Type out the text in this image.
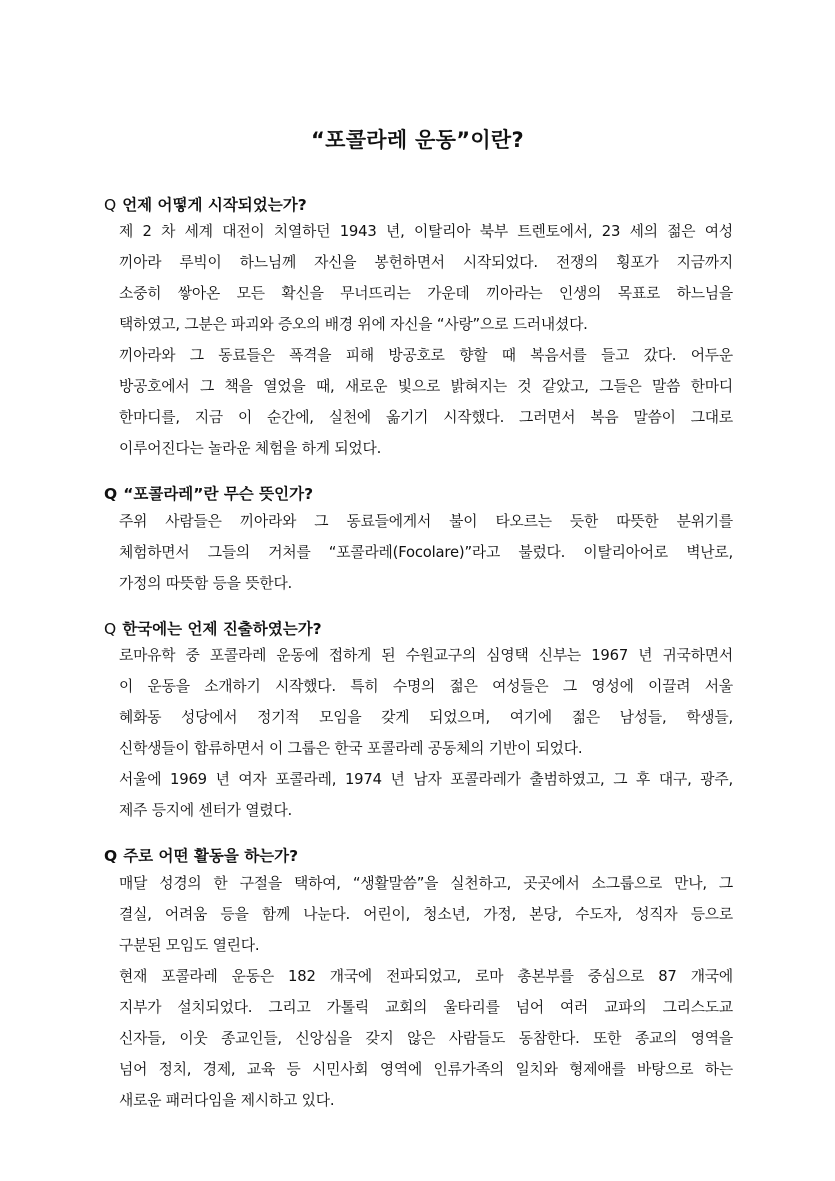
“포콜라레 운동”이란?
Q 언제 어떻게 시작되었는가?
제 2 차 세계 대전이 치열하던 1943 년, 이탈리아 북부 트렌토에서, 23 세의 젊은 여성
끼아라 루빅이 하느님께 자신을 봉헌하면서 시작되었다. 전쟁의 횡포가 지금까지
소중히 쌓아온 모든 확신을 무너뜨리는 가운데 끼아라는 인생의 목표로 하느님을
택하였고, 그분은 파괴와 증오의 배경 위에 자신을 “사랑”으로 드러내셨다.
끼아라와 그 동료들은 폭격을 피해 방공호로 향할 때 복음서를 들고 갔다. 어두운
방공호에서 그 책을 열었을 때, 새로운 빛으로 밝혀지는 것 같았고, 그들은 말씀 한마디
한마디를, 지금 이 순간에, 실천에 옮기기 시작했다. 그러면서 복음 말씀이 그대로
이루어진다는 놀라운 체험을 하게 되었다.
Q “포콜라레”란 무슨 뜻인가?
주위 사람들은 끼아라와 그 동료들에게서 불이 타오르는 듯한 따뜻한 분위기를
체험하면서 그들의 거처를 “포콜라레(Focolare)”라고 불렀다. 이탈리아어로 벽난로,
가정의 따뜻함 등을 뜻한다.
Q 한국에는 언제 진출하였는가?
로마유학 중 포콜라레 운동에 접하게 된 수원교구의 심영택 신부는 1967 년 귀국하면서
이 운동을 소개하기 시작했다. 특히 수명의 젊은 여성들은 그 영성에 이끌려 서울
혜화동 성당에서 정기적 모임을 갖게 되었으며, 여기에 젊은 남성들, 학생들,
신학생들이 합류하면서 이 그룹은 한국 포콜라레 공동체의 기반이 되었다.
서울에 1969 년 여자 포콜라레, 1974 년 남자 포콜라레가 출범하였고, 그 후 대구, 광주,
제주 등지에 센터가 열렸다.
Q 주로 어떤 활동을 하는가?
매달 성경의 한 구절을 택하여, “생활말씀”을 실천하고, 곳곳에서 소그룹으로 만나, 그
결실, 어려움 등을 함께 나눈다. 어린이, 청소년, 가정, 본당, 수도자, 성직자 등으로
구분된 모임도 열린다.
현재 포콜라레 운동은 182 개국에 전파되었고, 로마 총본부를 중심으로 87 개국에
지부가 설치되었다. 그리고 가톨릭 교회의 울타리를 넘어 여러 교파의 그리스도교
신자들, 이웃 종교인들, 신앙심을 갖지 않은 사람들도 동참한다. 또한 종교의 영역을
넘어 정치, 경제, 교육 등 시민사회 영역에 인류가족의 일치와 형제애를 바탕으로 하는
새로운 패러다임을 제시하고 있다.
